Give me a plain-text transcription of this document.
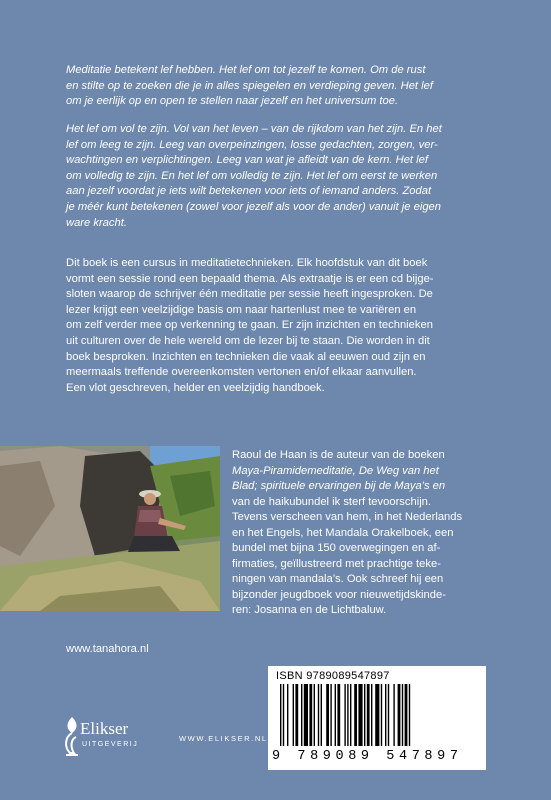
Meditatie betekent lef hebben. Het lef om tot jezelf te komen. Om de rust
en stilte op te zoeken die je in alles spiegelen en verdieping geven. Het lef
om je eerlijk op en open te stellen naar jezelf en het universum toe.
Het lef om vol te zijn. Vol van het leven – van de rijkdom van het zijn. En het
lef om leeg te zijn. Leeg van overpeinzingen, losse gedachten, zorgen, ver-
wachtingen en verplichtingen. Leeg van wat je afleidt van de kern. Het lef
om volledig te zijn. En het lef om volledig te zijn. Het lef om eerst te werken
aan jezelf voordat je iets wilt betekenen voor iets of iemand anders. Zodat
je méér kunt betekenen (zowel voor jezelf als voor de ander) vanuit je eigen
ware kracht.
Dit boek is een cursus in meditatietechnieken. Elk hoofdstuk van dit boek
vormt een sessie rond een bepaald thema. Als extraatje is er een cd bijge-
sloten waarop de schrijver één meditatie per sessie heeft ingesproken. De
lezer krijgt een veelzijdige basis om naar hartenlust mee te variëren en
om zelf verder mee op verkenning te gaan. Er zijn inzichten en technieken
uit culturen over de hele wereld om de lezer bij te staan. Die worden in dit
boek besproken. Inzichten en technieken die vaak al eeuwen oud zijn en
meermaals treffende overeenkomsten vertonen en/of elkaar aanvullen.
Een vlot geschreven, helder en veelzijdig handboek.
Raoul de Haan is de auteur van de boeken
Maya-Piramidemeditatie, De Weg van het
Blad; spirituele ervaringen bij de Maya’s en
van de haikubundel ik sterf tevoorschijn.
Tevens verscheen van hem, in het Nederlands
en het Engels, het Mandala Orakelboek, een
bundel met bijna 150 overwegingen en af-
firmaties, geïllustreerd met prachtige teke-
ningen van mandala’s. Ook schreef hij een
bijzonder jeugdboek voor nieuwetijdskinde-
ren: Josanna en de Lichtbaluw.
www.tanahora.nl
ISBN 9789089547897
9 789089 547897
Elikser
UITGEVERIJ
WWW.ELIKSER.NL
